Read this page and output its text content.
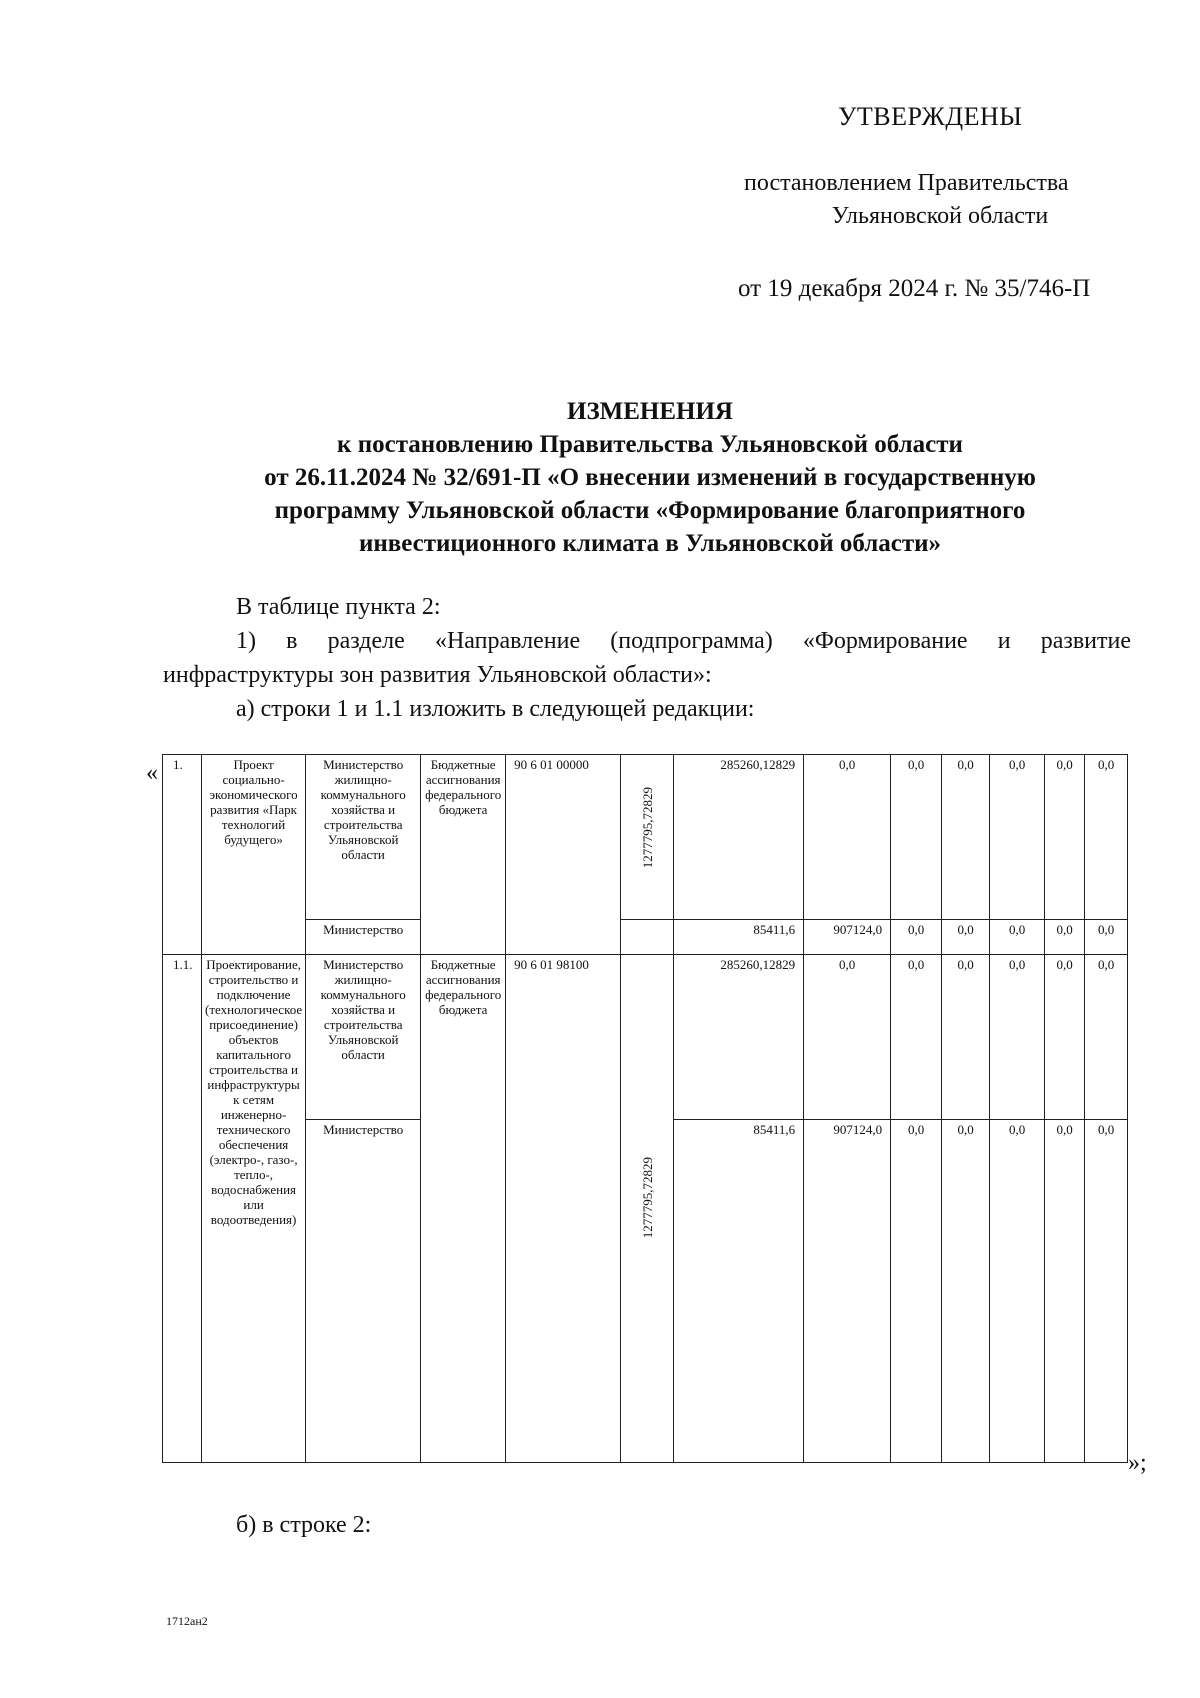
УТВЕРЖДЕНЫ
постановлением Правительства
Ульяновской области
от 19 декабря 2024 г. № 35/746-П
ИЗМЕНЕНИЯ
к постановлению Правительства Ульяновской области
от 26.11.2024 № 32/691-П «О внесении изменений в государственную
программу Ульяновской области «Формирование благоприятного
инвестиционного климата в Ульяновской области»
В таблице пункта 2:
1) в разделе «Направление (подпрограмма) «Формирование и развитие
инфраструктуры зон развития Ульяновской области»:
а) строки 1 и 1.1 изложить в следующей редакции:
« 1.	Проект социально-экономического развития «Парк технологий будущего»	Министерство жилищно-коммунального хозяйства и строительства Ульяновской области	Бюджетные ассигнования федерального бюджета	90 6 01 00000	1277795,72829	285260,12829	0,0	0,0	0,0	0,0	0,0	0,0
		Министерство				85411,6	907124,0	0,0	0,0	0,0	0,0	0,0
1.1.	Проектирование, строительство и подключение (технологическое присоединение) объектов капитального строительства и инфраструктуры к сетям инженерно-технического обеспечения (электро-, газо-, тепло-, водоснабжения или водоотведения)	Министерство жилищно-коммунального хозяйства и строительства Ульяновской области	Бюджетные ассигнования федерального бюджета	90 6 01 98100	1277795,72829	285260,12829	0,0	0,0	0,0	0,0	0,0	0,0
		Министерство				85411,6	907124,0	0,0	0,0	0,0	0,0	0,0
»;
б) в строке 2:
1712ан2
